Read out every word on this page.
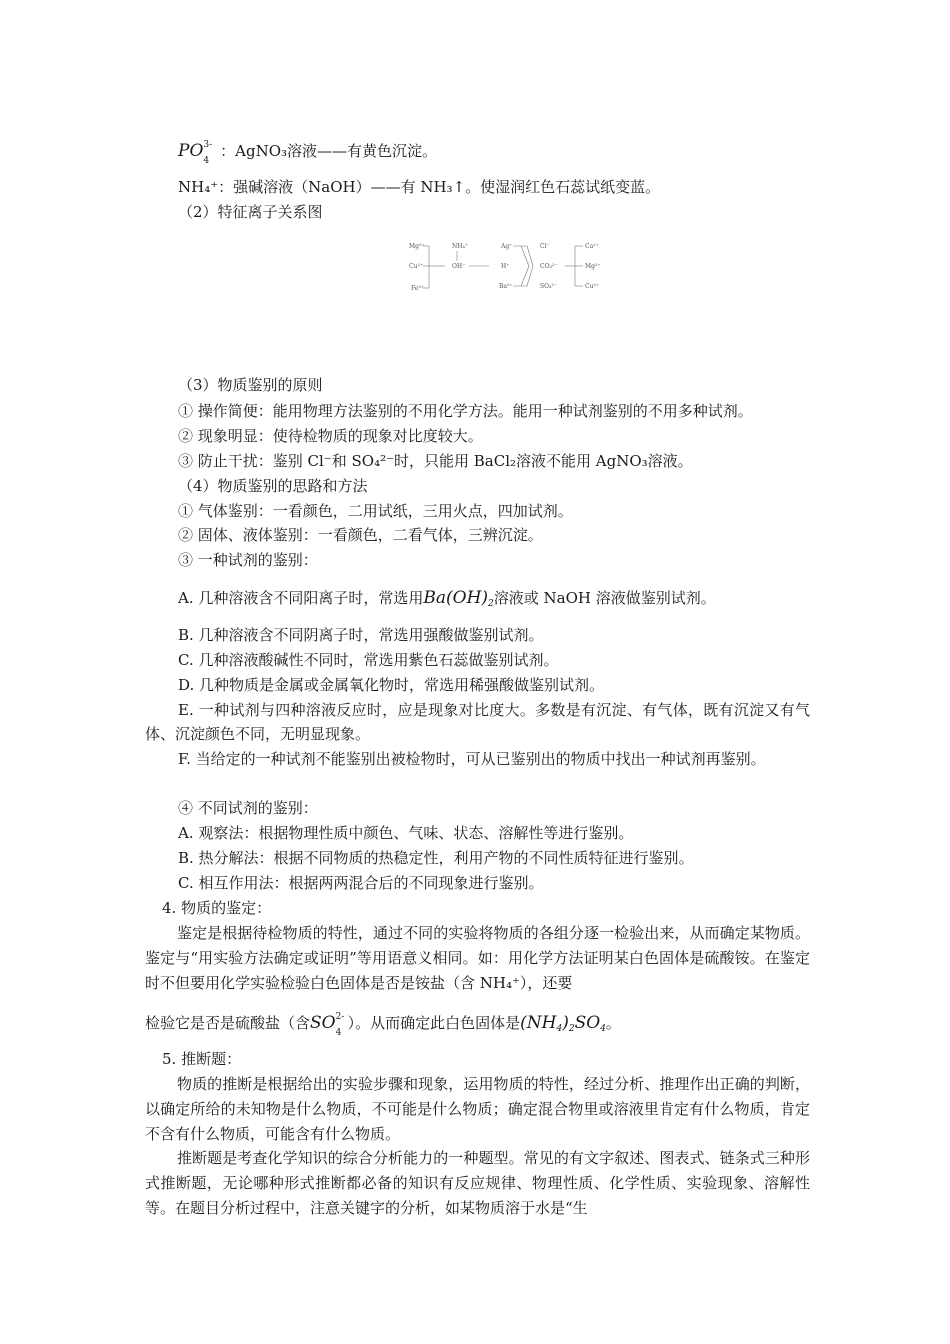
PO 3-
4
：AgNO₃溶液——有黄色沉淀。
NH₄⁺：强碱溶液（NaOH）——有 NH₃↑。使湿润红色石蕊试纸变蓝。
（2）特征离子关系图
Mg²⁺
Cu²⁺
Fe³⁺
NH₄⁺
OH⁻
Ag⁺
H⁺
Ba²⁺
Cl⁻
CO₃²⁻
SO₄²⁻
Ca²⁺
Mg²⁺
Cu²⁺
（3）物质鉴别的原则
① 操作简便：能用物理方法鉴别的不用化学方法。能用一种试剂鉴别的不用多种试剂。
② 现象明显：使待检物质的现象对比度较大。
③ 防止干扰：鉴别 Cl⁻和 SO₄²⁻时，只能用 BaCl₂溶液不能用 AgNO₃溶液。
（4）物质鉴别的思路和方法
① 气体鉴别：一看颜色，二用试纸，三用火点，四加试剂。
② 固体、液体鉴别：一看颜色，二看气体，三辨沉淀。
③ 一种试剂的鉴别：
A. 几种溶液含不同阳离子时，常选用$Ba(OH)_2$溶液或 NaOH 溶液做鉴别试剂。
B. 几种溶液含不同阴离子时，常选用强酸做鉴别试剂。
C. 几种溶液酸碱性不同时，常选用紫色石蕊做鉴别试剂。
D. 几种物质是金属或金属氧化物时，常选用稀强酸做鉴别试剂。
E. 一种试剂与四种溶液反应时，应是现象对比度大。多数是有沉淀、有气体，既有沉淀又有气体、沉淀颜色不同，无明显现象。
F. 当给定的一种试剂不能鉴别出被检物时，可从已鉴别出的物质中找出一种试剂再鉴别。
④ 不同试剂的鉴别：
A. 观察法：根据物理性质中颜色、气味、状态、溶解性等进行鉴别。
B. 热分解法：根据不同物质的热稳定性，利用产物的不同性质特征进行鉴别。
C. 相互作用法：根据两两混合后的不同现象进行鉴别。
4. 物质的鉴定：
鉴定是根据待检物质的特性，通过不同的实验将物质的各组分逐一检验出来，从而确定某物质。鉴定与“用实验方法确定或证明”等用语意义相同。如：用化学方法证明某白色固体是硫酸铵。在鉴定时不但要用化学实验检验白色固体是否是铵盐（含 NH₄⁺），还要
检验它是否是硫酸盐（含SO 2-
4
）。从而确定此白色固体是$(NH_4)_2SO_4$。
5. 推断题：
物质的推断是根据给出的实验步骤和现象，运用物质的特性，经过分析、推理作出正确的判断，以确定所给的未知物是什么物质，不可能是什么物质；确定混合物里或溶液里肯定有什么物质，肯定不含有什么物质，可能含有什么物质。
推断题是考查化学知识的综合分析能力的一种题型。常见的有文字叙述、图表式、链条式三种形式推断题，无论哪种形式推断都必备的知识有反应规律、物理性质、化学性质、实验现象、溶解性等。在题目分析过程中，注意关键字的分析，如某物质溶于水是“生
